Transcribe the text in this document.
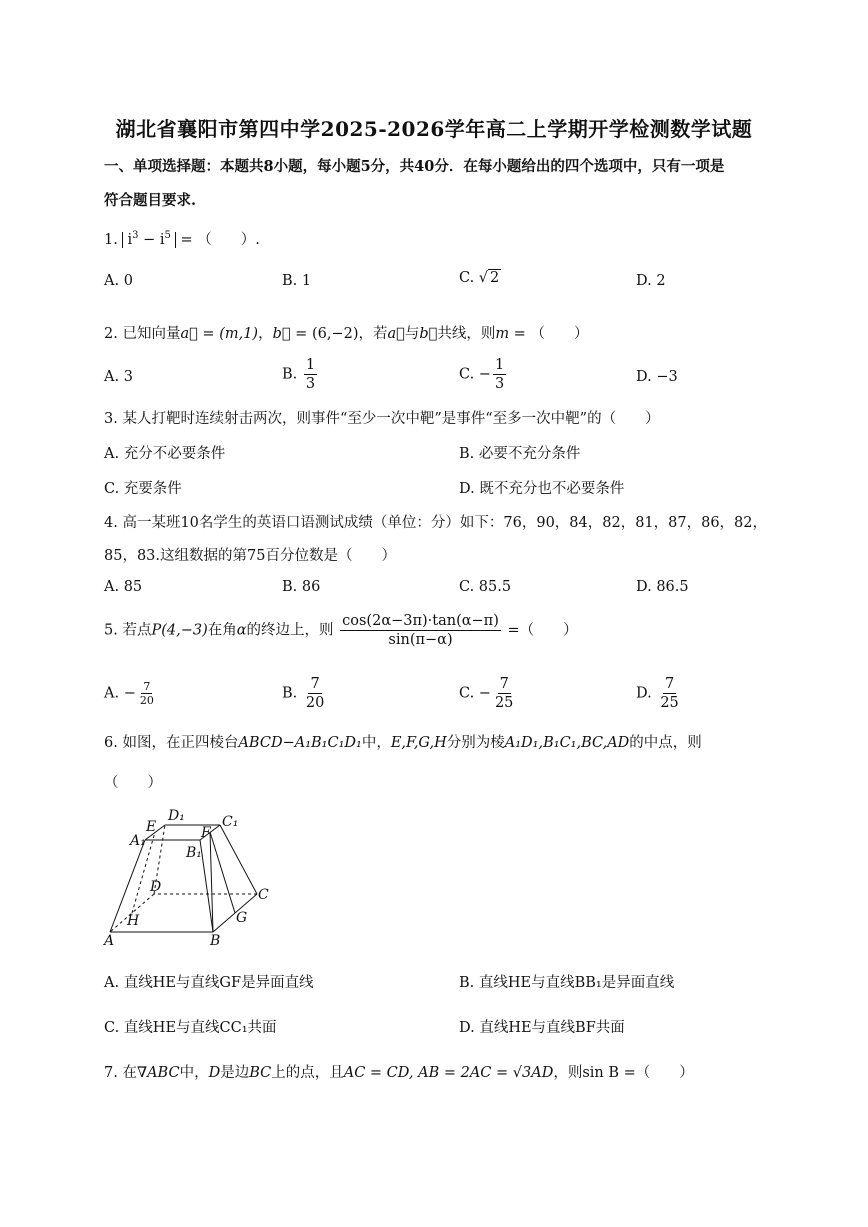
湖北省襄阳市第四中学2025-2026学年高二上学期开学检测数学试题
一、单项选择题：本题共8小题，每小题5分，共40分．在每小题给出的四个选项中，只有一项是
符合题目要求.
1. $i^3 - i^5$ = （　　）.
A. 0	B. 1	C. √ 2	D. 2
2. 已知向量a⃗ = (m,1)，b⃗ = (6,−2)，若a⃗与b⃗共线，则m = （　　）
A. 3	B. $\frac{1}{3}$	C. − $\frac{1}{3}$	D. −3
3. 某人打靶时连续射击两次，则事件“至少一次中靶”是事件“至多一次中靶”的（　　）
A. 充分不必要条件	B. 必要不充分条件
C. 充要条件	D. 既不充分也不必要条件
4. 高一某班10名学生的英语口语测试成绩（单位：分）如下：76，90，84，82，81，87，86，82，
85，83.这组数据的第75百分位数是（　　）
A. 85	B. 86	C. 85.5	D. 86.5
5. 若点P(4,−3)在角α的终边上，则 $\frac{\cos(2\alpha-3\pi)\cdot\tan(\alpha-\pi)}{\sin(\pi-\alpha)}$ =（　　）
A. − $\frac{7}{20}$	B. $\frac{7}{20}$	C. − $\frac{7}{25}$	D. $\frac{7}{25}$
6. 如图，在正四棱台ABCD−A₁B₁C₁D₁中，E,F,G,H分别为棱A₁D₁,B₁C₁,BC,AD的中点，则
（　　）
D₁	C₁
E	F
A₁
B₁
D	C
H	G
A	B
A. 直线HE与直线GF是异面直线	B. 直线HE与直线BB₁是异面直线
C. 直线HE与直线CC₁共面	D. 直线HE与直线BF共面
7. 在∇ABC中，D是边BC上的点，且AC = CD, AB = 2AC = √3AD，则sin B =（　　）
